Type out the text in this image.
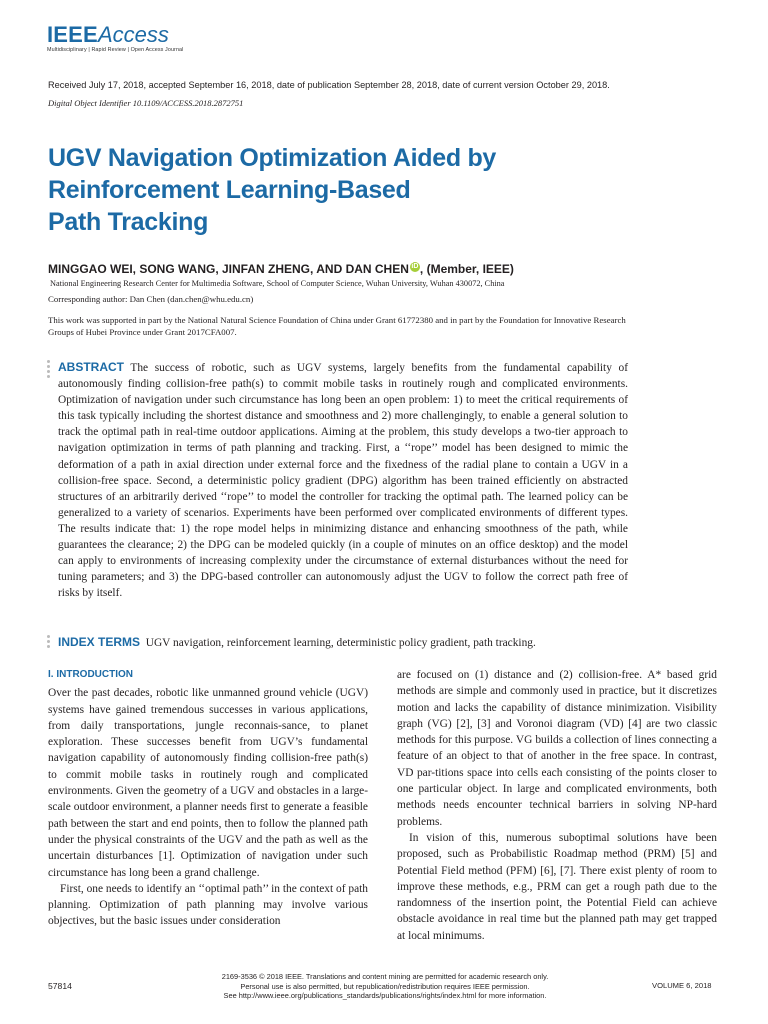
IEEEAccess
Multidisciplinary | Rapid Review | Open Access Journal
Received July 17, 2018, accepted September 16, 2018, date of publication September 28, 2018, date of current version October 29, 2018.
Digital Object Identifier 10.1109/ACCESS.2018.2872751
UGV Navigation Optimization Aided by
Reinforcement Learning-Based
Path Tracking
MINGGAO WEI, SONG WANG, JINFAN ZHENG, AND DAN CHEN iD , (Member, IEEE)
National Engineering Research Center for Multimedia Software, School of Computer Science, Wuhan University, Wuhan 430072, China
Corresponding author: Dan Chen (dan.chen@whu.edu.cn)
This work was supported in part by the National Natural Science Foundation of China under Grant 61772380 and in part by the Foundation for Innovative Research Groups of Hubei Province under Grant 2017CFA007.

ABSTRACT The success of robotic, such as UGV systems, largely benefits from the fundamental capability of autonomously finding collision-free path(s) to commit mobile tasks in routinely rough and complicated environments. Optimization of navigation under such circumstance has long been an open problem: 1) to meet the critical requirements of this task typically including the shortest distance and smoothness and 2) more challengingly, to enable a general solution to track the optimal path in real-time outdoor applications. Aiming at the problem, this study develops a two-tier approach to navigation optimization in terms of path planning and tracking. First, a ‘‘rope’’ model has been designed to mimic the deformation of a path in axial direction under external force and the fixedness of the radial plane to contain a UGV in a collision-free space. Second, a deterministic policy gradient (DPG) algorithm has been trained efficiently on abstracted structures of an arbitrarily derived ‘‘rope’’ to model the controller for tracking the optimal path. The learned policy can be generalized to a variety of scenarios. Experiments have been performed over complicated environments of different types. The results indicate that: 1) the rope model helps in minimizing distance and enhancing smoothness of the path, while guarantees the clearance; 2) the DPG can be modeled quickly (in a couple of minutes on an office desktop) and the model can apply to environments of increasing complexity under the circumstance of external disturbances without the need for tuning parameters; and 3) the DPG-based controller can autonomously adjust the UGV to follow the correct path free of risks by itself.

INDEX TERMS UGV navigation, reinforcement learning, deterministic policy gradient, path tracking.
I. INTRODUCTION

Over the past decades, robotic like unmanned ground vehicle (UGV) systems have gained tremendous successes in various applications, from daily transportations, jungle reconnais-sance, to planet exploration. These successes benefit from UGV’s fundamental navigation capability of autonomously finding collision-free path(s) to commit mobile tasks in routinely rough and complicated environments. Given the geometry of a UGV and obstacles in a large-scale outdoor environment, a planner needs first to generate a feasible path between the start and end points, then to follow the planned path under the physical constraints of the UGV and the path as well as the uncertain disturbances [1]. Optimization of navigation under such circumstance has long been a grand challenge.

First, one needs to identify an ‘‘optimal path’’ in the context of path planning. Optimization of path planning may involve various objectives, but the basic issues under consideration

are focused on (1) distance and (2) collision-free. A* based grid methods are simple and commonly used in practice, but it discretizes motion and lacks the capability of distance minimization. Visibility graph (VG) [2], [3] and Voronoi diagram (VD) [4] are two classic methods for this purpose. VG builds a collection of lines connecting a feature of an object to that of another in the free space. In contrast, VD par-titions space into cells each consisting of the points closer to one particular object. In large and complicated environments, both methods needs encounter technical barriers in solving NP-hard problems.

In vision of this, numerous suboptimal solutions have been proposed, such as Probabilistic Roadmap method (PRM) [5] and Potential Field method (PFM) [6], [7]. There exist plenty of room to improve these methods, e.g., PRM can get a rough path due to the randomness of the insertion point, the Potential Field can achieve obstacle avoidance in real time but the planned path may get trapped at local minimums.

57814
2169-3536 © 2018 IEEE. Translations and content mining are permitted for academic research only.
Personal use is also permitted, but republication/redistribution requires IEEE permission.
See http://www.ieee.org/publications_standards/publications/rights/index.html for more information.
VOLUME 6, 2018
